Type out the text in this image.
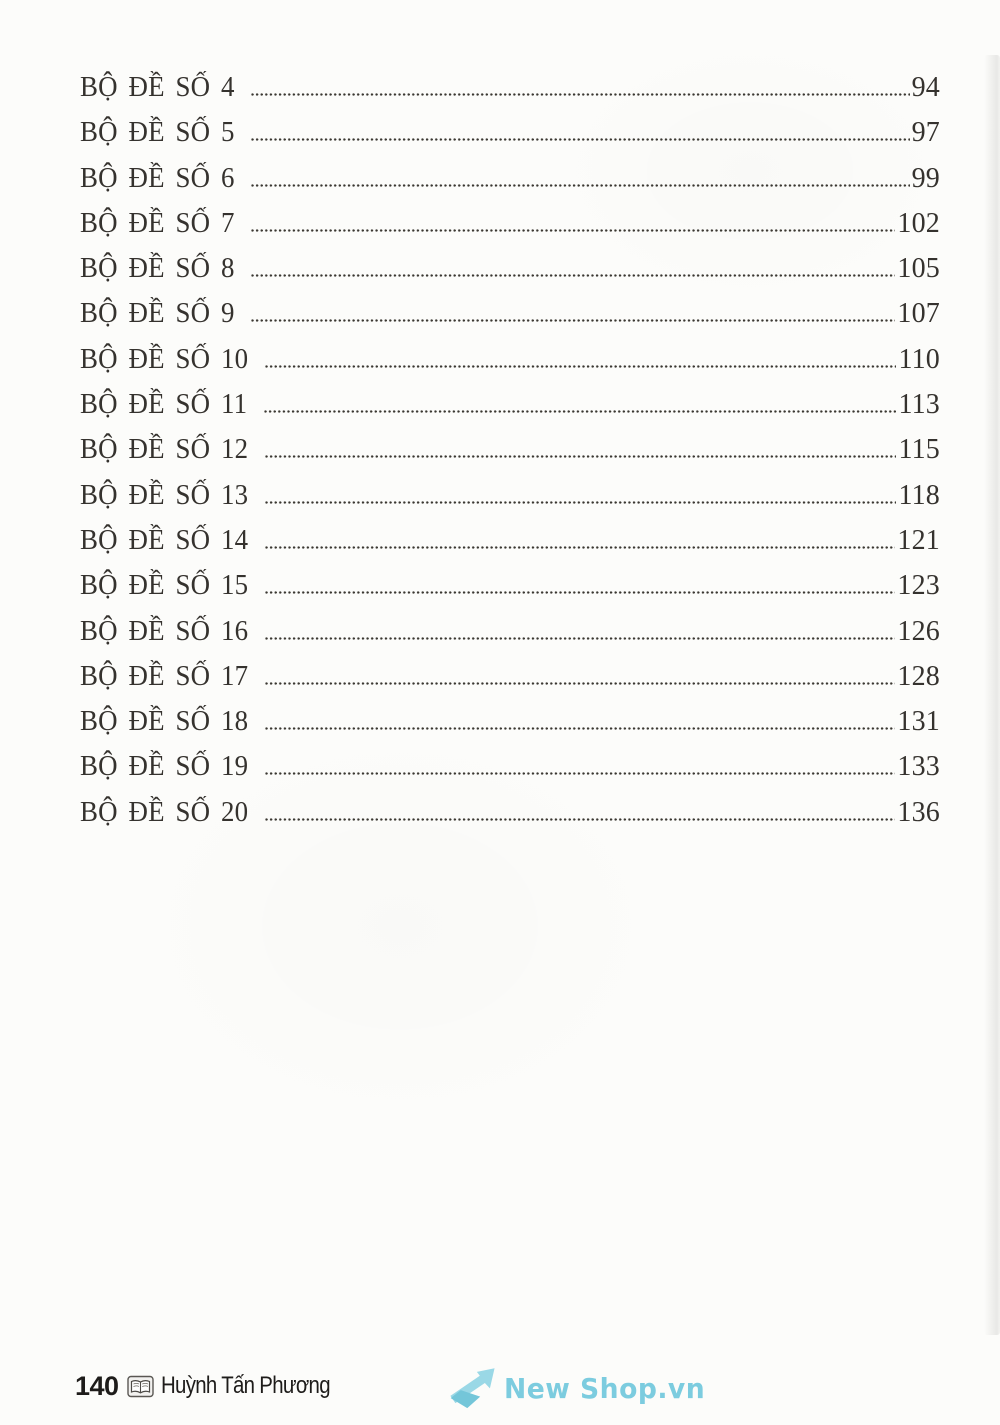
BỘ ĐỀ SỐ 4	94
BỘ ĐỀ SỐ 5	97
BỘ ĐỀ SỐ 6	99
BỘ ĐỀ SỐ 7	102
BỘ ĐỀ SỐ 8	105
BỘ ĐỀ SỐ 9	107
BỘ ĐỀ SỐ 10	110
BỘ ĐỀ SỐ 11	113
BỘ ĐỀ SỐ 12	115
BỘ ĐỀ SỐ 13	118
BỘ ĐỀ SỐ 14	121
BỘ ĐỀ SỐ 15	123
BỘ ĐỀ SỐ 16	126
BỘ ĐỀ SỐ 17	128
BỘ ĐỀ SỐ 18	131
BỘ ĐỀ SỐ 19	133
BỘ ĐỀ SỐ 20	136
140 Huỳnh Tấn Phương	New Shop.vn
